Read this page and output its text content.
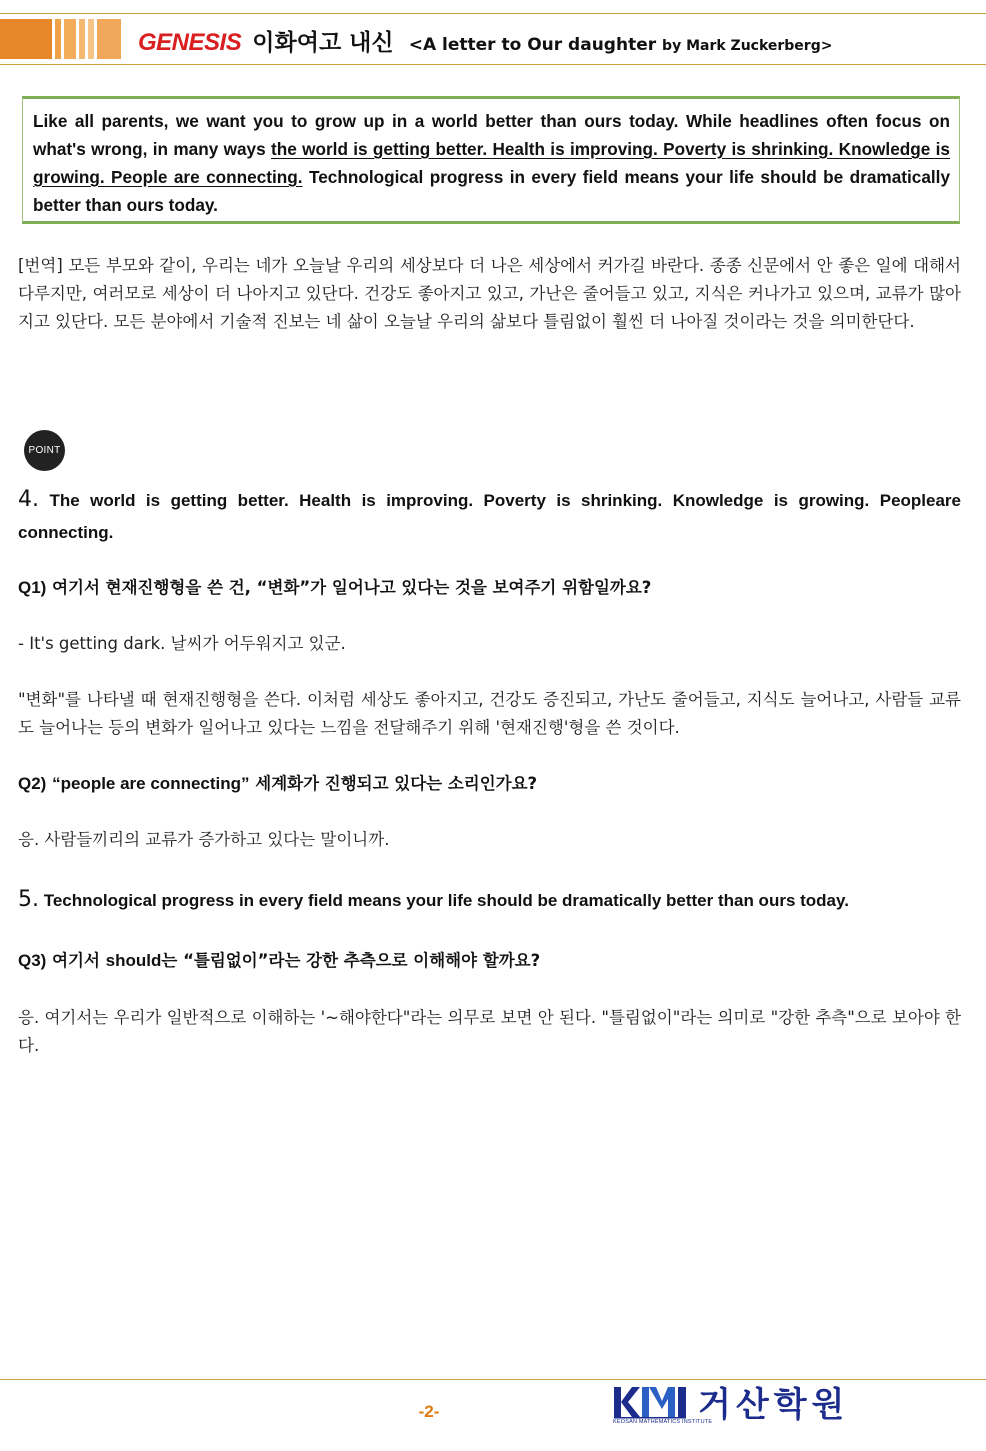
GENESIS 이화여고 내신 <A letter to Our daughter by Mark Zuckerberg>

Like all parents, we want you to grow up in a world better than ours today. While headlines often focus on what's wrong, in many ways the world is getting better. Health is improving. Poverty is shrinking. Knowledge is growing. People are connecting. Technological progress in every field means your life should be dramatically better than ours today.

[번역] 모든 부모와 같이, 우리는 네가 오늘날 우리의 세상보다 더 나은 세상에서 커가길 바란다. 종종 신문에서 안 좋은 일에 대해서 다루지만, 여러모로 세상이 더 나아지고 있단다. 건강도 좋아지고 있고, 가난은 줄어들고 있고, 지식은 커나가고 있으며, 교류가 많아지고 있단다. 모든 분야에서 기술적 진보는 네 삶이 오늘날 우리의 삶보다 틀림없이 훨씬 더 나아질 것이라는 것을 의미한단다.

POINT

4. The world is getting better. Health is improving. Poverty is shrinking. Knowledge is growing. Peopleare connecting.

Q1) 여기서 현재진행형을 쓴 건, “변화”가 일어나고 있다는 것을 보여주기 위함일까요?

- It's getting dark. 날씨가 어두워지고 있군.

"변화"를 나타낼 때 현재진행형을 쓴다. 이처럼 세상도 좋아지고, 건강도 증진되고, 가난도 줄어들고, 지식도 늘어나고, 사람들 교류도 늘어나는 등의 변화가 일어나고 있다는 느낌을 전달해주기 위해 '현재진행'형을 쓴 것이다.

Q2) “people are connecting” 세계화가 진행되고 있다는 소리인가요?

응. 사람들끼리의 교류가 증가하고 있다는 말이니까.

5. Technological progress in every field means your life should be dramatically better than ours today.

Q3) 여기서 should는 “틀림없이”라는 강한 추측으로 이해해야 할까요?

응. 여기서는 우리가 일반적으로 이해하는 '~해야한다"라는 의무로 보면 안 된다. "틀림없이"라는 의미로 "강한 추측"으로 보아야 한다.

-2-
KEOSAN MATHEMATICS INSTITUTE
거산학원
